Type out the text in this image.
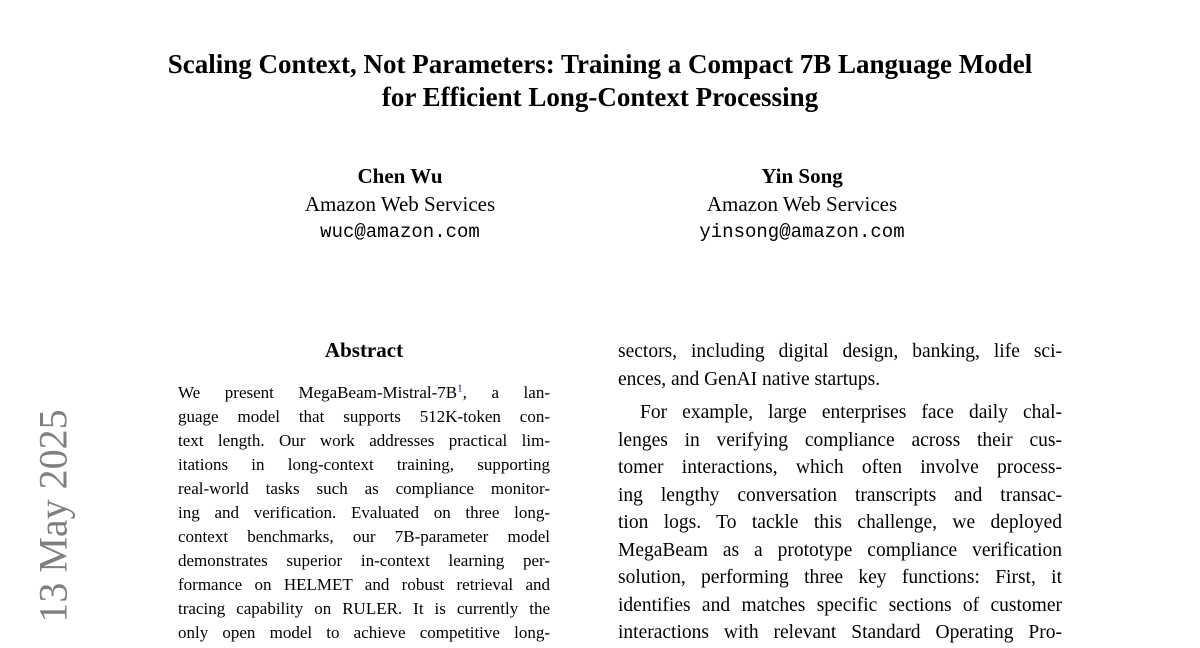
Scaling Context, Not Parameters: Training a Compact 7B Language Model
for Efficient Long-Context Processing
Chen Wu
Amazon Web Services
wuc@amazon.com
Yin Song
Amazon Web Services
yinsong@amazon.com
13 May 2025
Abstract
We present MegaBeam-Mistral-7B$^1$, a lan-
guage model that supports 512K-token con-
text length. Our work addresses practical lim-
itations in long-context training, supporting
real-world tasks such as compliance monitor-
ing and verification. Evaluated on three long-
context benchmarks, our 7B-parameter model
demonstrates superior in-context learning per-
formance on HELMET and robust retrieval and
tracing capability on RULER. It is currently the
only open model to achieve competitive long-
sectors, including digital design, banking, life sci-
ences, and GenAI native startups.
For example, large enterprises face daily chal-
lenges in verifying compliance across their cus-
tomer interactions, which often involve process-
ing lengthy conversation transcripts and transac-
tion logs. To tackle this challenge, we deployed
MegaBeam as a prototype compliance verification
solution, performing three key functions: First, it
identifies and matches specific sections of customer
interactions with relevant Standard Operating Pro-
